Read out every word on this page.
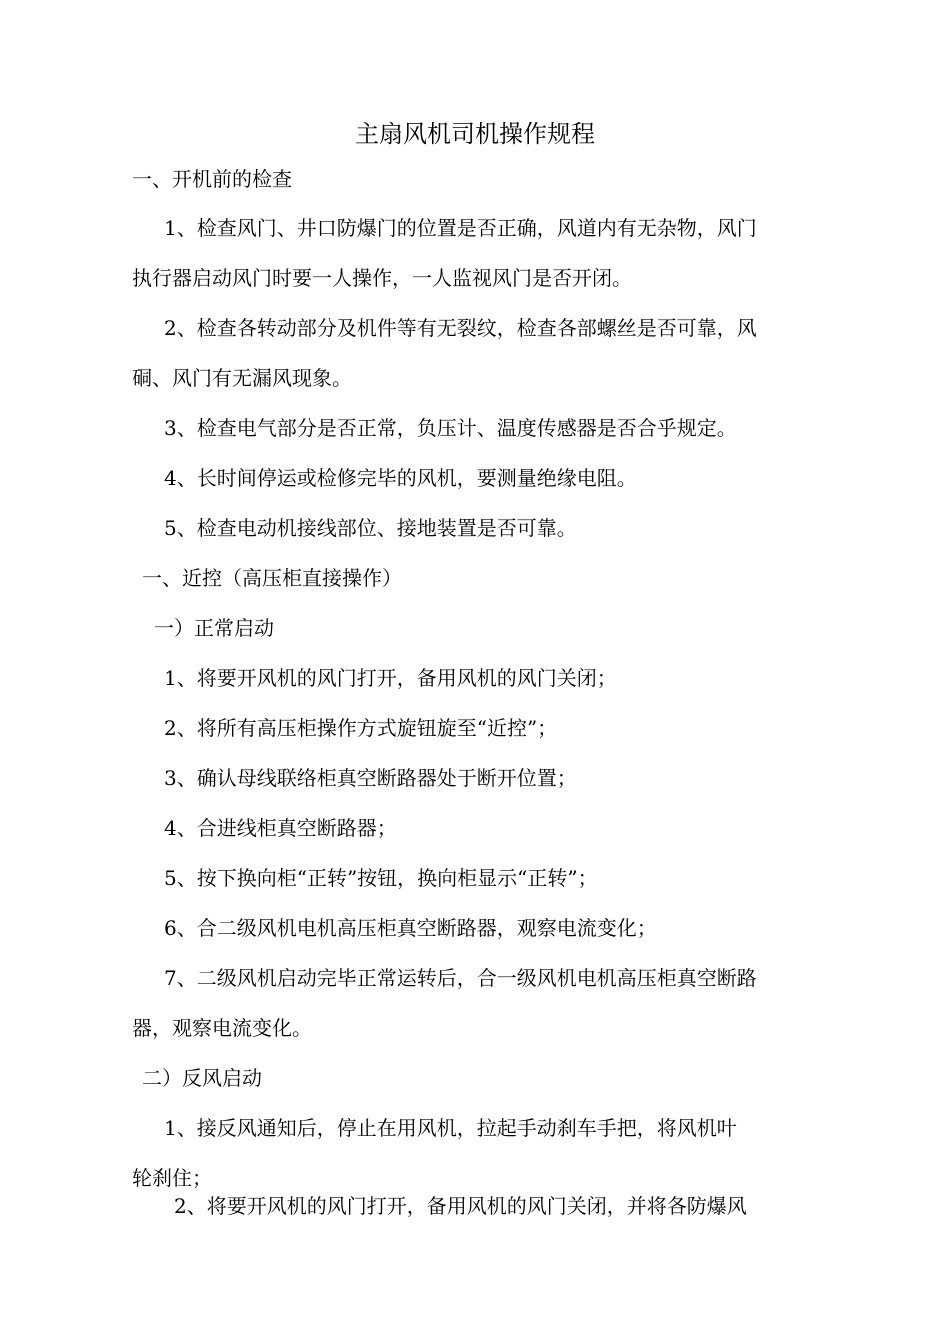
主扇风机司机操作规程
一、开机前的检查
1、检查风门、井口防爆门的位置是否正确，风道内有无杂物，风门
执行器启动风门时要一人操作，一人监视风门是否开闭。
2、检查各转动部分及机件等有无裂纹，检查各部螺丝是否可靠，风
硐、风门有无漏风现象。
3、检查电气部分是否正常，负压计、温度传感器是否合乎规定。
4、长时间停运或检修完毕的风机，要测量绝缘电阻。
5、检查电动机接线部位、接地装置是否可靠。
一、近控（高压柜直接操作）
一）正常启动
1、将要开风机的风门打开，备用风机的风门关闭；
2、将所有高压柜操作方式旋钮旋至“近控”；
3、确认母线联络柜真空断路器处于断开位置；
4、合进线柜真空断路器；
5、按下换向柜“正转”按钮，换向柜显示“正转”；
6、合二级风机电机高压柜真空断路器，观察电流变化；
7、二级风机启动完毕正常运转后，合一级风机电机高压柜真空断路
器，观察电流变化。
二）反风启动
1、接反风通知后，停止在用风机，拉起手动刹车手把，将风机叶
轮刹住；
2、将要开风机的风门打开，备用风机的风门关闭，并将各防爆风
